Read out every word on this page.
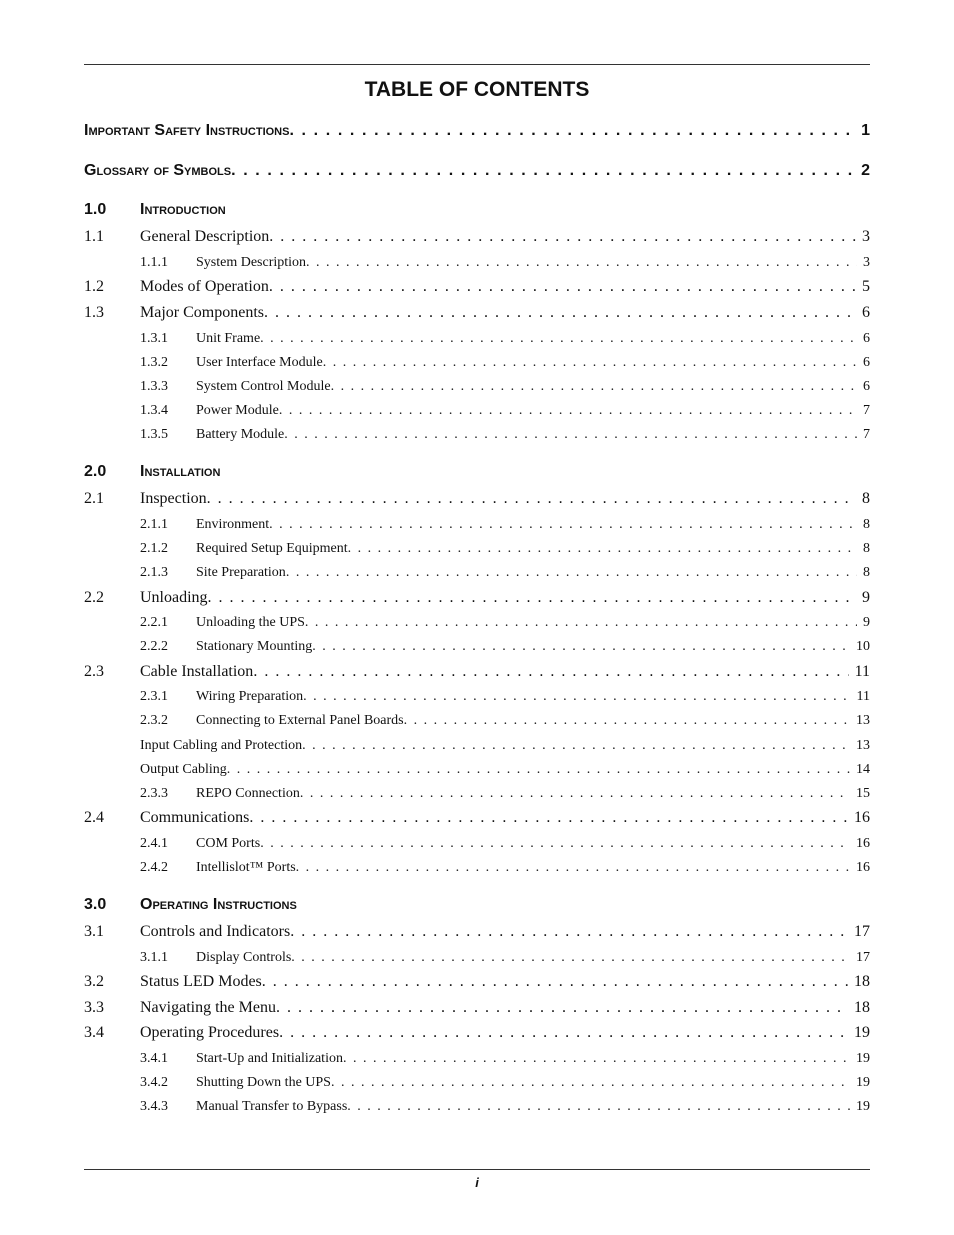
TABLE OF CONTENTS
Important Safety Instructions . . .	1
Glossary of Symbols . . .	2
1.0	Introduction
1.1	General Description . . .	3
1.1.1	System Description . . .	3
1.2	Modes of Operation . . .	5
1.3	Major Components . . .	6
1.3.1	Unit Frame . . .	6
1.3.2	User Interface Module . . .	6
1.3.3	System Control Module . . .	6
1.3.4	Power Module . . .	7
1.3.5	Battery Module . . .	7
2.0	Installation
2.1	Inspection . . .	8
2.1.1	Environment . . .	8
2.1.2	Required Setup Equipment . . .	8
2.1.3	Site Preparation . . .	8
2.2	Unloading . . .	9
2.2.1	Unloading the UPS . . .	9
2.2.2	Stationary Mounting . . .	10
2.3	Cable Installation . . .	11
2.3.1	Wiring Preparation . . .	11
2.3.2	Connecting to External Panel Boards . . .	13
Input Cabling and Protection . . .	13
Output Cabling . . .	14
2.3.3	REPO Connection . . .	15
2.4	Communications . . .	16
2.4.1	COM Ports . . .	16
2.4.2	Intellislot™ Ports . . .	16
3.0	Operating Instructions
3.1	Controls and Indicators . . .	17
3.1.1	Display Controls . . .	17
3.2	Status LED Modes . . .	18
3.3	Navigating the Menu . . .	18
3.4	Operating Procedures . . .	19
3.4.1	Start-Up and Initialization . . .	19
3.4.2	Shutting Down the UPS . . .	19
3.4.3	Manual Transfer to Bypass . . .	19
i
